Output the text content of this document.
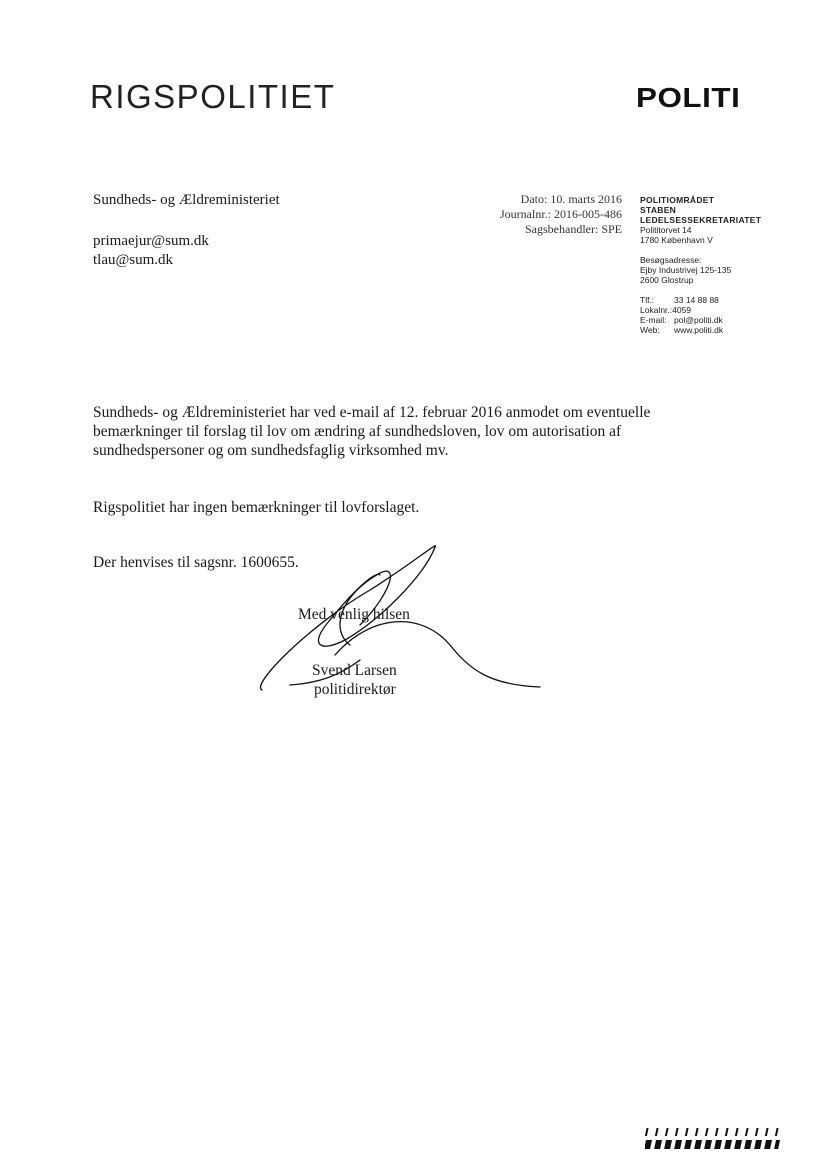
RIGSPOLITIET	POLITI
Sundheds- og Ældreministeriet
primaejur@sum.dk
tlau@sum.dk
Dato: 10. marts 2016
Journalnr.: 2016-005-486
Sagsbehandler: SPE
POLITIOMRÅDET
STABEN
LEDELSESSEKRETARIATET
Polititorvet 14
1780 København V
Besøgsadresse:
Ejby Industrivej 125-135
2600 Glostrup
Tlf.: 33 14 88 88
Lokalnr.:4059
E-mail: pol@politi.dk
Web: www.politi.dk
Sundheds- og Ældreministeriet har ved e-mail af 12. februar 2016 anmodet om eventuelle bemærkninger til forslag til lov om ændring af sundhedsloven, lov om autorisation af sundhedspersoner og om sundhedsfaglig virksomhed mv.
Rigspolitiet har ingen bemærkninger til lovforslaget.
Der henvises til sagsnr. 1600655.
Med venlig hilsen
Svend Larsen
politidirektør
